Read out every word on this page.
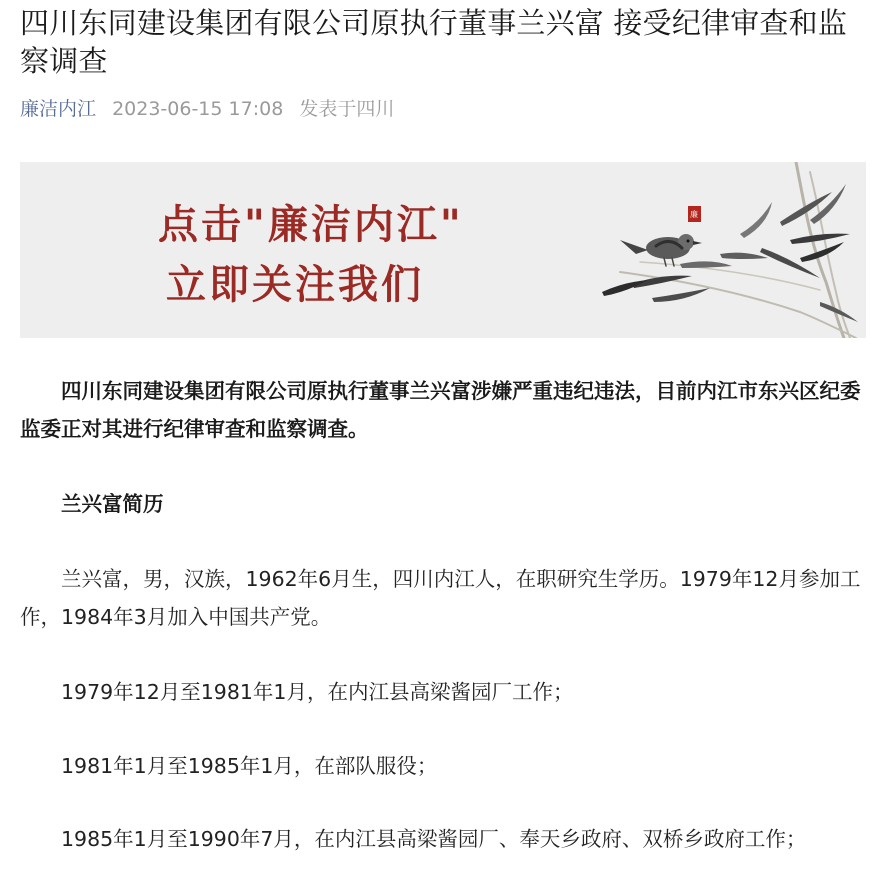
四川东同建设集团有限公司原执行董事兰兴富 接受纪律审查和监察调查
廉洁内江 2023-06-15 17:08 发表于四川
点击"廉洁内江"
立即关注我们
廉

四川东同建设集团有限公司原执行董事兰兴富涉嫌严重违纪违法，目前内江市东兴区纪委监委正对其进行纪律审查和监察调查。

兰兴富简历

兰兴富，男，汉族，1962年6月生，四川内江人，在职研究生学历。1979年12月参加工作，1984年3月加入中国共产党。

1979年12月至1981年1月，在内江县高梁酱园厂工作；

1981年1月至1985年1月，在部队服役；

1985年1月至1990年7月，在内江县高梁酱园厂、奉天乡政府、双桥乡政府工作；
